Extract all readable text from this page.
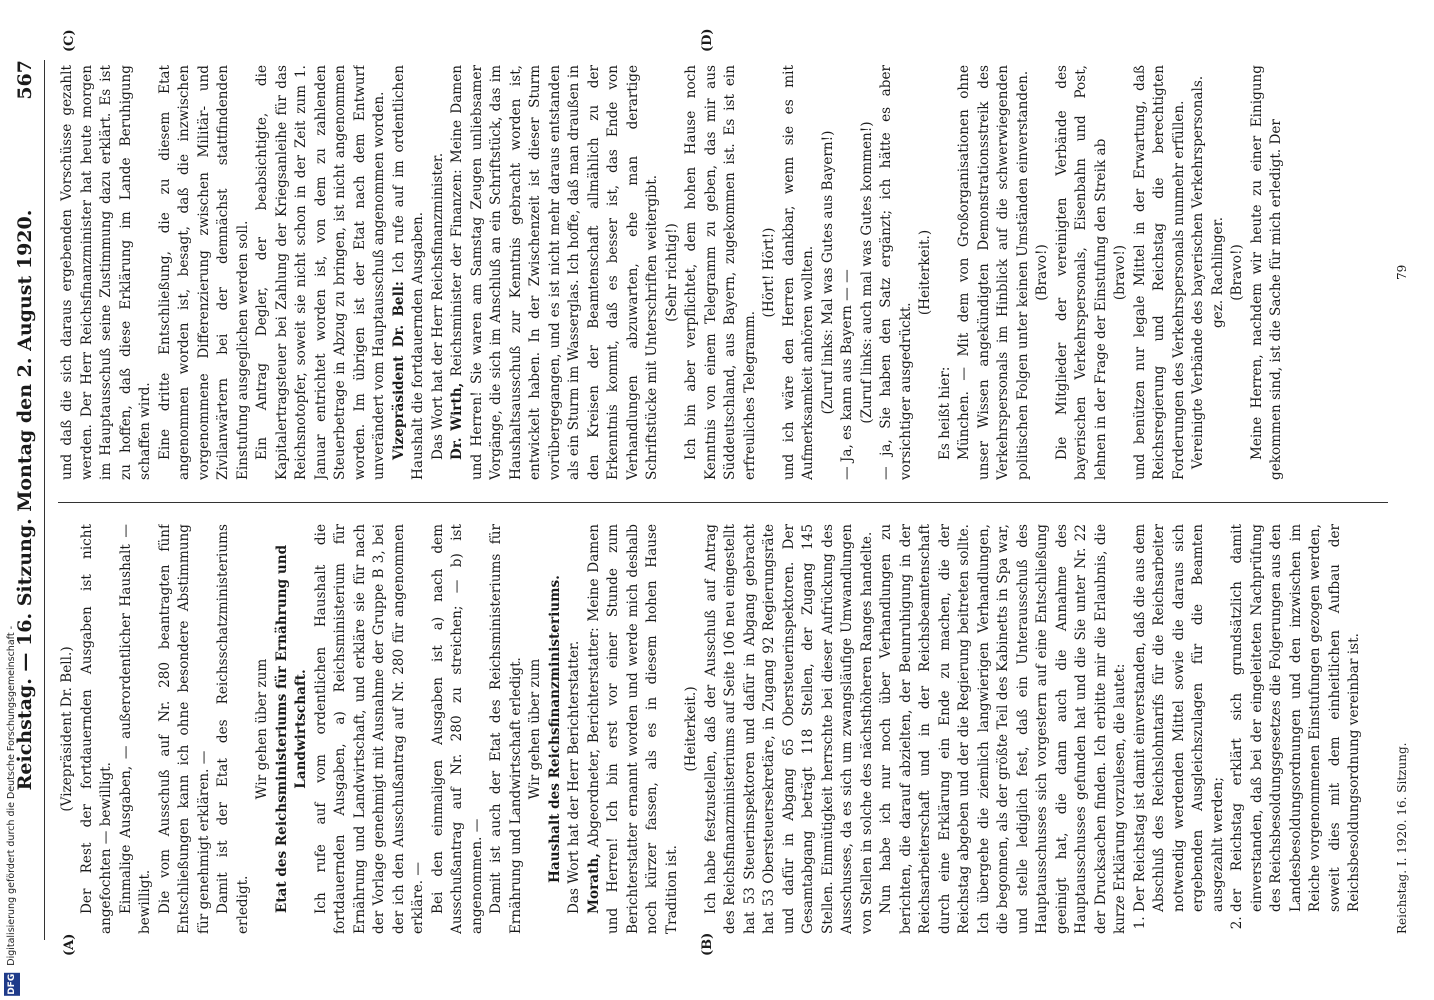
Reichstag. — 16. Sitzung. Montag den 2. August 1920.
567
(A)	(B)
(C)	(D)

(Vizepräsident Dr. Bell.) Der Rest der fortdauernden Ausgaben ist nicht angefochten — bewilligt. Einmalige Ausgaben, — außerordentlicher Haushalt — bewilligt. Die vom Ausschuß auf Nr. 280 beantragten fünf Entschließungen kann ich ohne besondere Abstimmung für genehmigt erklären. — Damit ist der Etat des Reichsschatzministeriums erledigt.

Wir gehen über zum Etat des Reichsministeriums für Ernährung und Landwirtschaft. Ich rufe auf vom ordentlichen Haushalt die fortdauernden Ausgaben, a) Reichsministerium für Ernährung und Landwirtschaft, und erkläre sie für nach der Vorlage genehmigt mit Ausnahme der Gruppe B 3, bei der ich den Ausschußantrag auf Nr. 280 für angenommen erkläre. — Bei den einmaligen Ausgaben ist a) nach dem Ausschußantrag auf Nr. 280 zu streichen; — b) ist angenommen. — Damit ist auch der Etat des Reichsministeriums für Ernährung und Landwirtschaft erledigt. Wir gehen über zum Haushalt des Reichsfinanzministeriums. Das Wort hat der Herr Berichterstatter. Morath, Abgeordneter, Berichterstatter: Meine Damen und Herren! Ich bin erst vor einer Stunde zum Berichterstatter ernannt worden und werde mich deshalb noch kürzer fassen, als es in diesem hohen Hause Tradition ist.

(Heiterkeit.) Ich habe festzustellen, daß der Ausschuß auf Antrag des Reichsfinanzministeriums auf Seite 106 neu eingestellt hat 53 Steuerinspektoren und dafür in Abgang gebracht hat 53 Obersteuersekretäre, in Zugang 92 Regierungsräte und dafür in Abgang 65 Obersteuerinspektoren. Der Gesamtabgang beträgt 118 Stellen, der Zugang 145 Stellen. Einmütigkeit herrschte bei dieser Aufrückung des Ausschusses, da es sich um zwangsläufige Umwandlungen von Stellen in solche des nächsthöheren Ranges handelte. Nun habe ich nur noch über Verhandlungen zu berichten, die darauf abzielten, der Beunruhigung in der Reichsarbeiterschaft und in der Reichsbeamtenschaft durch eine Erklärung ein Ende zu machen, die der Reichstag abgeben und der die Regierung beitreten sollte. Ich übergehe die ziemlich langwierigen Verhandlungen, die begonnen, als der größte Teil des Kabinetts in Spa war, und stelle lediglich fest, daß ein Unterausschuß des Hauptausschusses sich vorgestern auf eine Entschließung geeinigt hat, die dann auch die Annahme des Hauptausschusses gefunden hat und die Sie unter Nr. 22 der Drucksachen finden. Ich erbitte mir die Erlaubnis, die kurze Erklärung vorzulesen, die lautet: 1. Der Reichstag ist damit einverstanden, daß die aus dem Abschluß des Reichslohntarifs für die Reichsarbeiter notwendig werdenden Mittel sowie die daraus sich ergebenden Ausgleichszulagen für die Beamten ausgezahlt werden; 2. der Reichstag erklärt sich grundsätzlich damit einverstanden, daß bei der eingeleiteten Nachprüfung des Reichsbesoldungsgesetzes die Folgerungen aus den Landesbesoldungsordnungen und den inzwischen im Reiche vorgenommenen Einstufungen gezogen werden, soweit dies mit dem einheitlichen Aufbau der Reichsbesoldungsordnung vereinbar ist.

und daß die sich daraus ergebenden Vorschüsse gezahlt werden. Der Herr Reichsfinanzminister hat heute morgen im Hauptausschuß seine Zustimmung dazu erklärt. Es ist zu hoffen, daß diese Erklärung im Lande Beruhigung schaffen wird. Eine dritte Entschließung, die zu diesem Etat angenommen worden ist, besagt, daß die inzwischen vorgenommene Differenzierung zwischen Militär- und Zivilanwärtern bei der demnächst stattfindenden Einstufung ausgeglichen werden soll. Ein Antrag Degler, der beabsichtigte, die Kapitalertragsteuer bei Zahlung der Kriegsanleihe für das Reichsnotopfer, soweit sie nicht schon in der Zeit zum 1. Januar entrichtet worden ist, von dem zu zahlenden Steuerbetrage in Abzug zu bringen, ist nicht angenommen worden. Im übrigen ist der Etat nach dem Entwurf unverändert vom Hauptausschuß angenommen worden. Vizepräsident Dr. Bell: Ich rufe auf im ordentlichen Haushalt die fortdauernden Ausgaben. Das Wort hat der Herr Reichsfinanzminister. Dr. Wirth, Reichsminister der Finanzen: Meine Damen und Herren! Sie waren am Samstag Zeugen unliebsamer Vorgänge, die sich im Anschluß an ein Schriftstück, das im Haushaltsausschuß zur Kenntnis gebracht worden ist, entwickelt haben. In der Zwischenzeit ist dieser Sturm vorübergegangen, und es ist nicht mehr daraus entstanden als ein Sturm im Wasserglas. Ich hoffe, daß man draußen in den Kreisen der Beamtenschaft allmählich zu der Erkenntnis kommt, daß es besser ist, das Ende von Verhandlungen abzuwarten, ehe man derartige Schriftstücke mit Unterschriften weitergibt. (Sehr richtig!) Ich bin aber verpflichtet, dem hohen Hause noch Kenntnis von einem Telegramm zu geben, das mir aus Süddeutschland, aus Bayern, zugekommen ist. Es ist ein erfreuliches Telegramm.

(Hört! Hört!) und ich wäre den Herren dankbar, wenn sie es mit Aufmerksamkeit anhören wollten. (Zuruf links: Mal was Gutes aus Bayern!) — Ja, es kann aus Bayern — — (Zuruf links: auch mal was Gutes kommen!) — ja, Sie haben den Satz ergänzt; ich hätte es aber vorsichtiger ausgedrückt.

(Heiterkeit.)

Es heißt hier: München. — Mit dem von Großorganisationen ohne unser Wissen angekündigten Demonstrationsstreik des Verkehrspersonals im Hinblick auf die schwerwiegenden politischen Folgen unter keinen Umständen einverstanden. (Bravo!) Die Mitglieder der vereinigten Verbände des bayerischen Verkehrspersonals, Eisenbahn und Post, lehnen in der Frage der Einstufung den Streik ab (bravo!) und benützen nur legale Mittel in der Erwartung, daß Reichsregierung und Reichstag die berechtigten Forderungen des Verkehrspersonals nunmehr erfüllen. Vereinigte Verbände des bayerischen Verkehrspersonals. gez. Rachlinger. (Bravo!) Meine Herren, nachdem wir heute zu einer Einigung gekommen sind, ist die Sache für mich erledigt. Der

Reichstag. I. 1920. 16. Sitzung.
79
DFG Digitalisierung gefördert durch die Deutsche Forschungsgemeinschaft -
